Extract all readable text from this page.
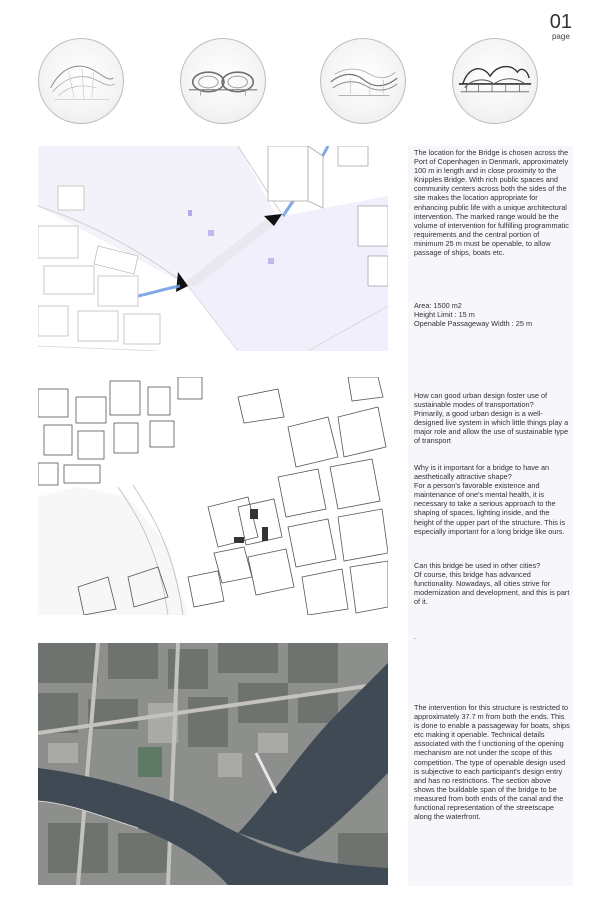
01
page

The location for the Bridge is chosen across the Port of Copenhagen in Denmark, approximately 100 m in length and in close proximity to the Knipples Bridge. With rich public spaces and community centers across both the sides of the site makes the location appropriate for enhancing public life with a unique architectural intervention. The marked range would be the volume of intervention for fulfilling programmatic requirements and the central portion of minimum 25 m must be openable, to allow passage of ships, boats etc.

Area: 1500 m2

Height Limit : 15 m

Openable Passageway Width : 25 m

How can good urban design foster use of sustainable modes of transportation?

Primarily, a good urban design is a well-designed live system in which little things play a major role and allow the use of sustainable type of transport

Why is it important for a bridge to have an aesthetically attractive shape?

For a person's favorable existence and maintenance of one's mental health, it is necessary to take a serious approach to the shaping of spaces, lighting inside, and the height of the upper part of the structure. This is especially important for a long bridge like ours.

Can this bridge be used in other cities?

Of course, this bridge has advanced functionality. Nowadays, all cities strive for modernization and development, and this is part of it.

.

The intervention for this structure is restricted to approximately 37.7 m from both the ends. This is done to enable a passageway for boats, ships etc making it openable. Technical details associated with the f unctioning of the opening mechanism are not under the scope of this competition. The type of openable design used is subjective to each participant's design entry and has no restrictions. The section above shows the buildable span of the bridge to be measured from both ends of the canal and the functional representation of the streetscape along the waterfront.
